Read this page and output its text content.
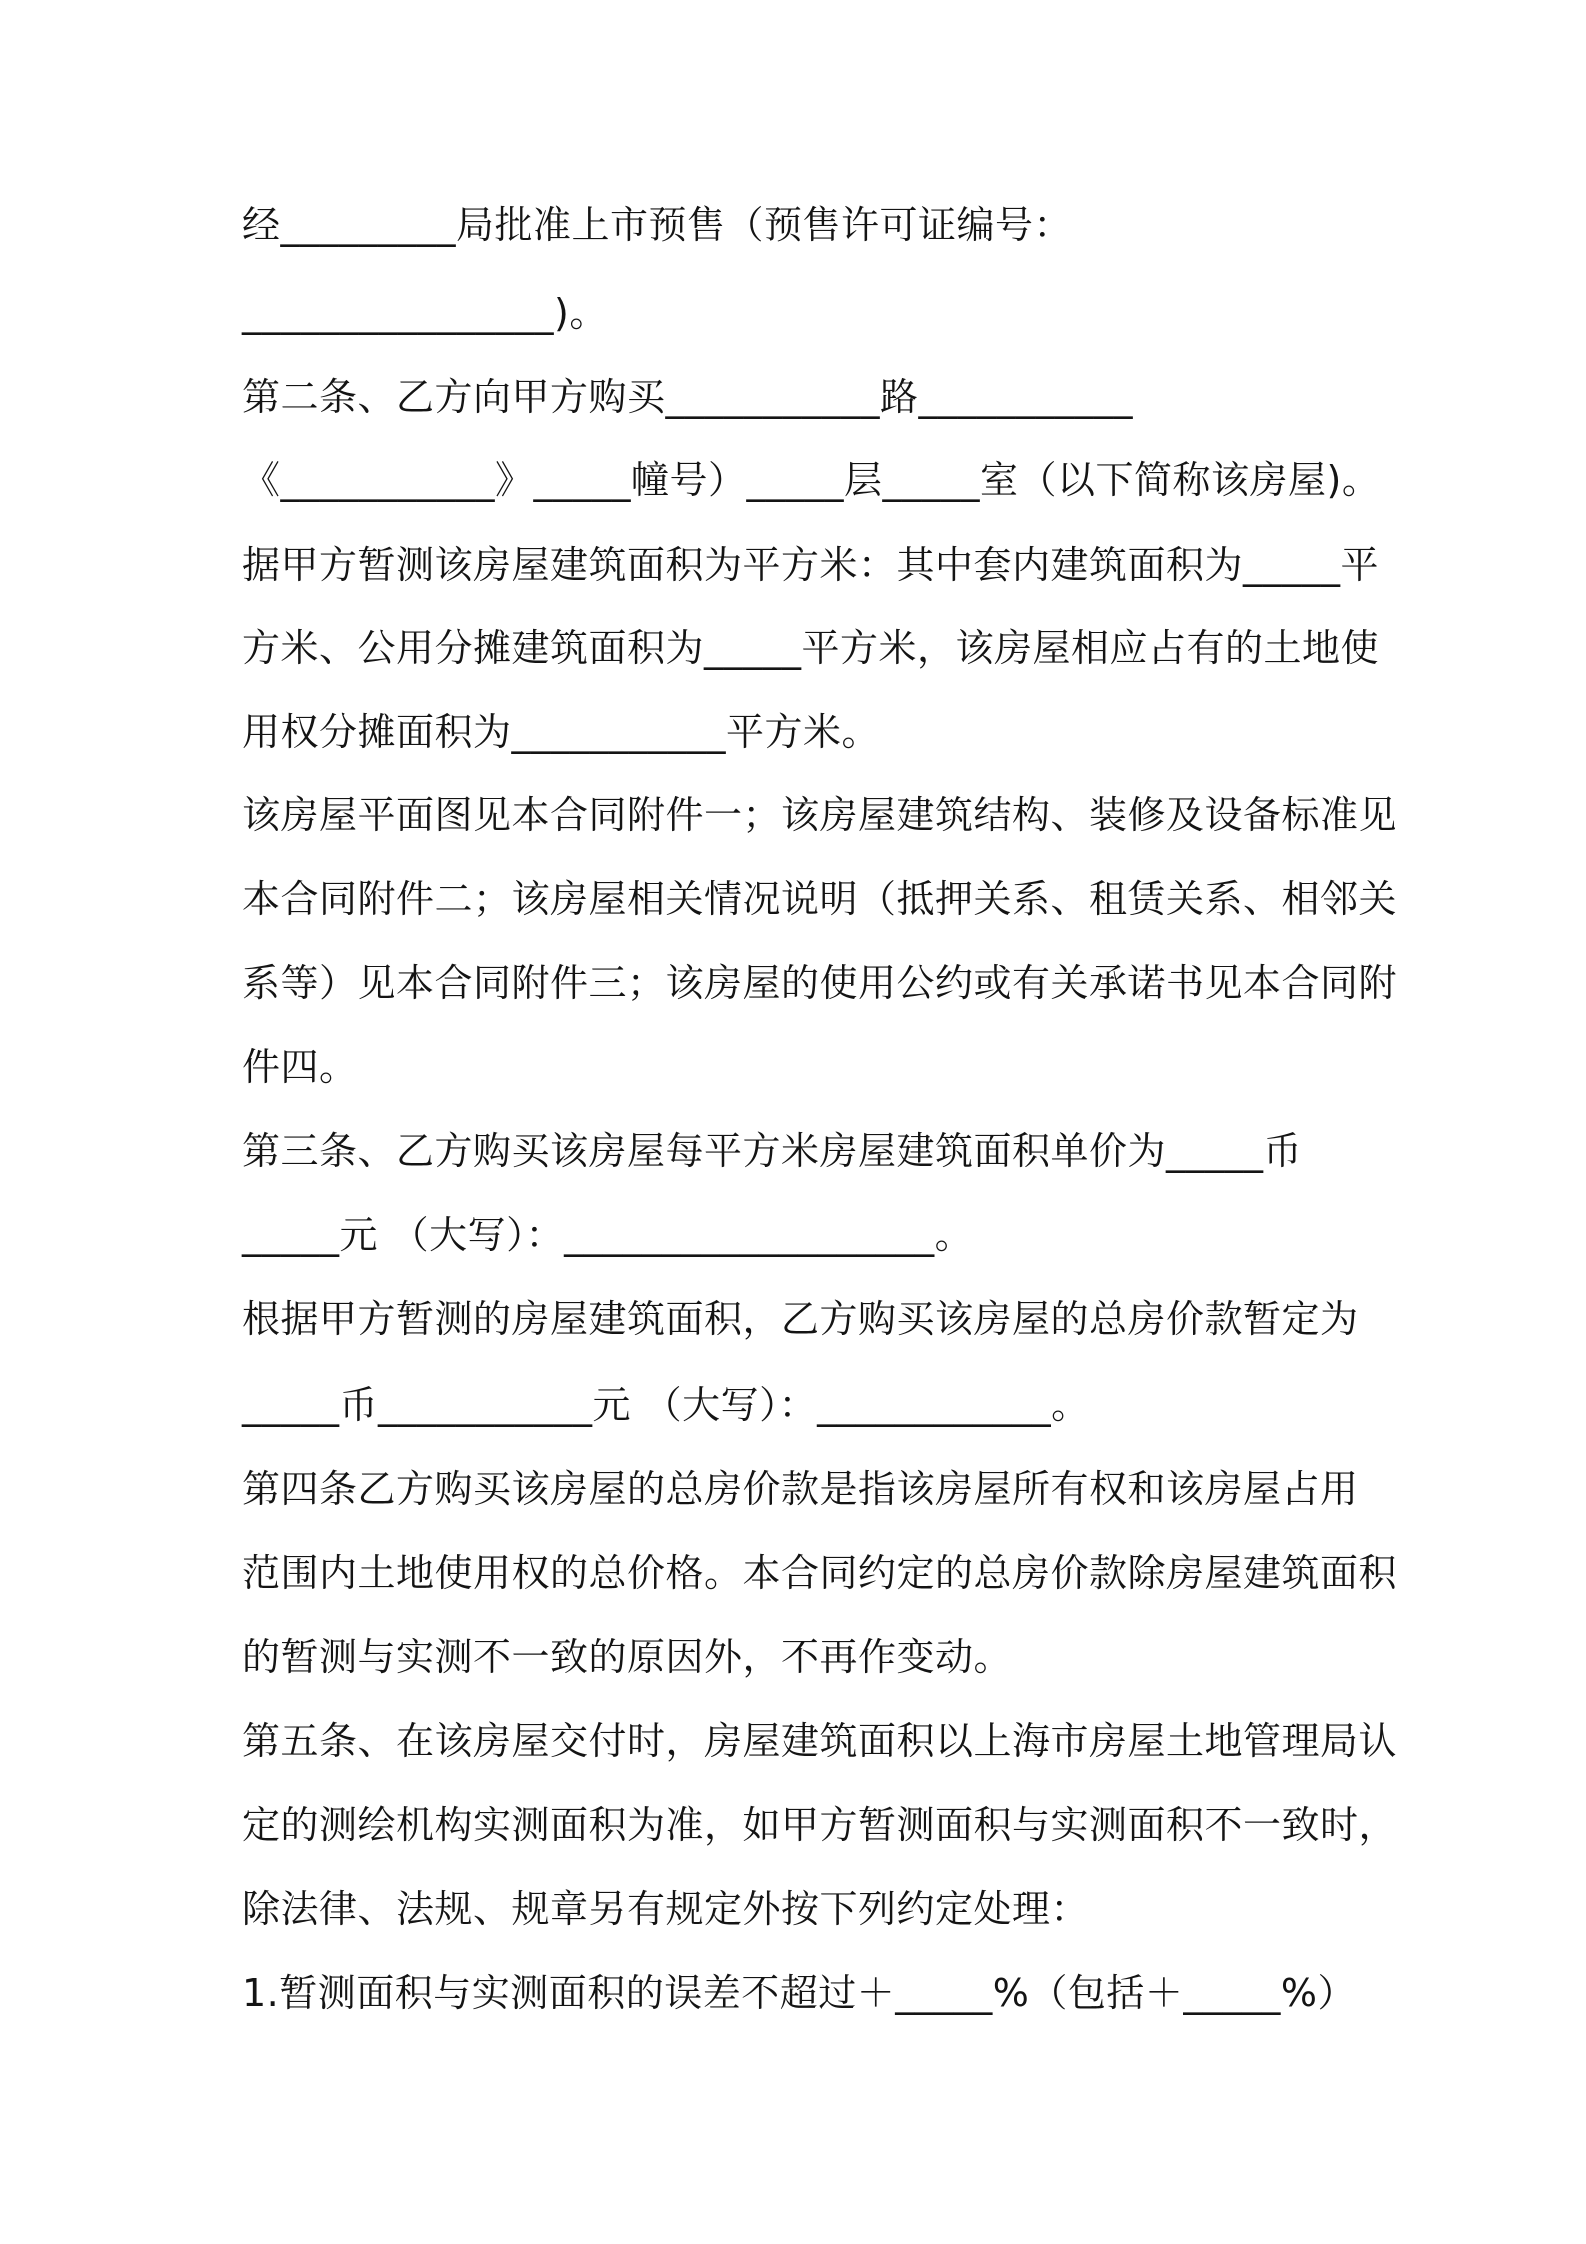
经_________局批准上市预售（预售许可证编号：

________________)。

第二条、乙方向甲方购买___________路___________

《___________》_____幢号）_____层_____室（以下简称该房屋)。

据甲方暂测该房屋建筑面积为平方米：其中套内建筑面积为_____平

方米、公用分摊建筑面积为_____平方米，该房屋相应占有的土地使

用权分摊面积为___________平方米。

该房屋平面图见本合同附件一；该房屋建筑结构、装修及设备标准见

本合同附件二；该房屋相关情况说明（抵押关系、租赁关系、相邻关

系等）见本合同附件三；该房屋的使用公约或有关承诺书见本合同附

件四。

第三条、乙方购买该房屋每平方米房屋建筑面积单价为_____币

_____元 （大写）：___________________。

根据甲方暂测的房屋建筑面积，乙方购买该房屋的总房价款暂定为

_____币___________元 （大写）：____________。

第四条乙方购买该房屋的总房价款是指该房屋所有权和该房屋占用

范围内土地使用权的总价格。本合同约定的总房价款除房屋建筑面积

的暂测与实测不一致的原因外，不再作变动。

第五条、在该房屋交付时，房屋建筑面积以上海市房屋土地管理局认

定的测绘机构实测面积为准，如甲方暂测面积与实测面积不一致时，

除法律、法规、规章另有规定外按下列约定处理：

1.暂测面积与实测面积的误差不超过＋_____%（包括＋_____%）
